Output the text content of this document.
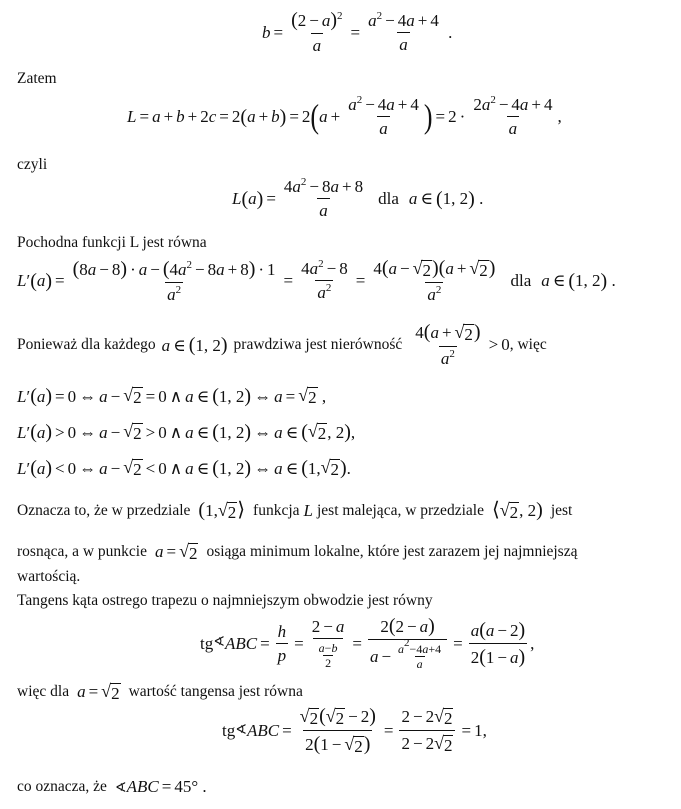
$b = \frac{(2 - a)^2}{a} = \frac{a^2 - 4a + 4}{a}$ .
Zatem
L = a + b + 2 c = 2 ( a + b ) = 2 ( $a + \frac{a^2 - 4a + 4}{a}$ ) = $2 \cdot \frac{2a^2 - 4a + 4}{a}$ ,
czyli
L ( a ) = $\frac{4a^2 - 8a + 8}{a}$ dla a ∈ ( 1, 2 ) .
Pochodna funkcji L jest równa
L ′ ( a ) = $\frac{(8a - 8) \cdot a - (4a^2 - 8a + 8) \cdot 1}{a^2} = \frac{4a^2 - 8}{a^2} = \frac{4(a - √ 2 )(a + √ 2 )}{a^2}$ dla a ∈ ( 1, 2 ) .
Ponieważ dla każdego a ∈ (1, 2) prawdziwa jest nierówność $\frac{4(a + √ 2 )}{a^2} > 0$ , więc
L ′ ( a ) = 0 ⇔ a − √ 2 = 0 ∧ a ∈ ( 1, 2 ) ⇔ a = √ 2 ,
L ′ ( a ) > 0 ⇔ a − √ 2 > 0 ∧ a ∈ ( 1, 2 ) ⇔ a ∈ ( √ 2 , 2 ) ,
L ′ ( a ) < 0 ⇔ a − √ 2 < 0 ∧ a ∈ ( 1, 2 ) ⇔ a ∈ ( 1, √ 2 ) .
Oznacza to, że w przedziale (1, √ 2 ⟩ funkcja L jest malejąca, w przedziale ⟨ √ 2 , 2) jest
rosnąca, a w punkcie a = √ 2 osiąga minimum lokalne, które jest zarazem jej najmniejszą
wartością.
Tangens kąta ostrego trapezu o najmniejszym obwodzie jest równy
tg ∢ ABC = $\frac{h}{p} = \frac{2 - a}{\frac{a-b}{2}} = \frac{2(2 - a)}{a - \frac{a^2-4a+4}{a}} = \frac{a(a - 2)}{2(1 - a)}$ ,
więc dla a = √ 2 wartość tangensa jest równa
tg ∢ ABC = $\frac{√ 2 ( √ 2 - 2)}{2(1 - √ 2 )} = \frac{2 - 2 √ 2}{2 - 2 √ 2} = 1$,
co oznacza, że ∢ABC = 45° .
